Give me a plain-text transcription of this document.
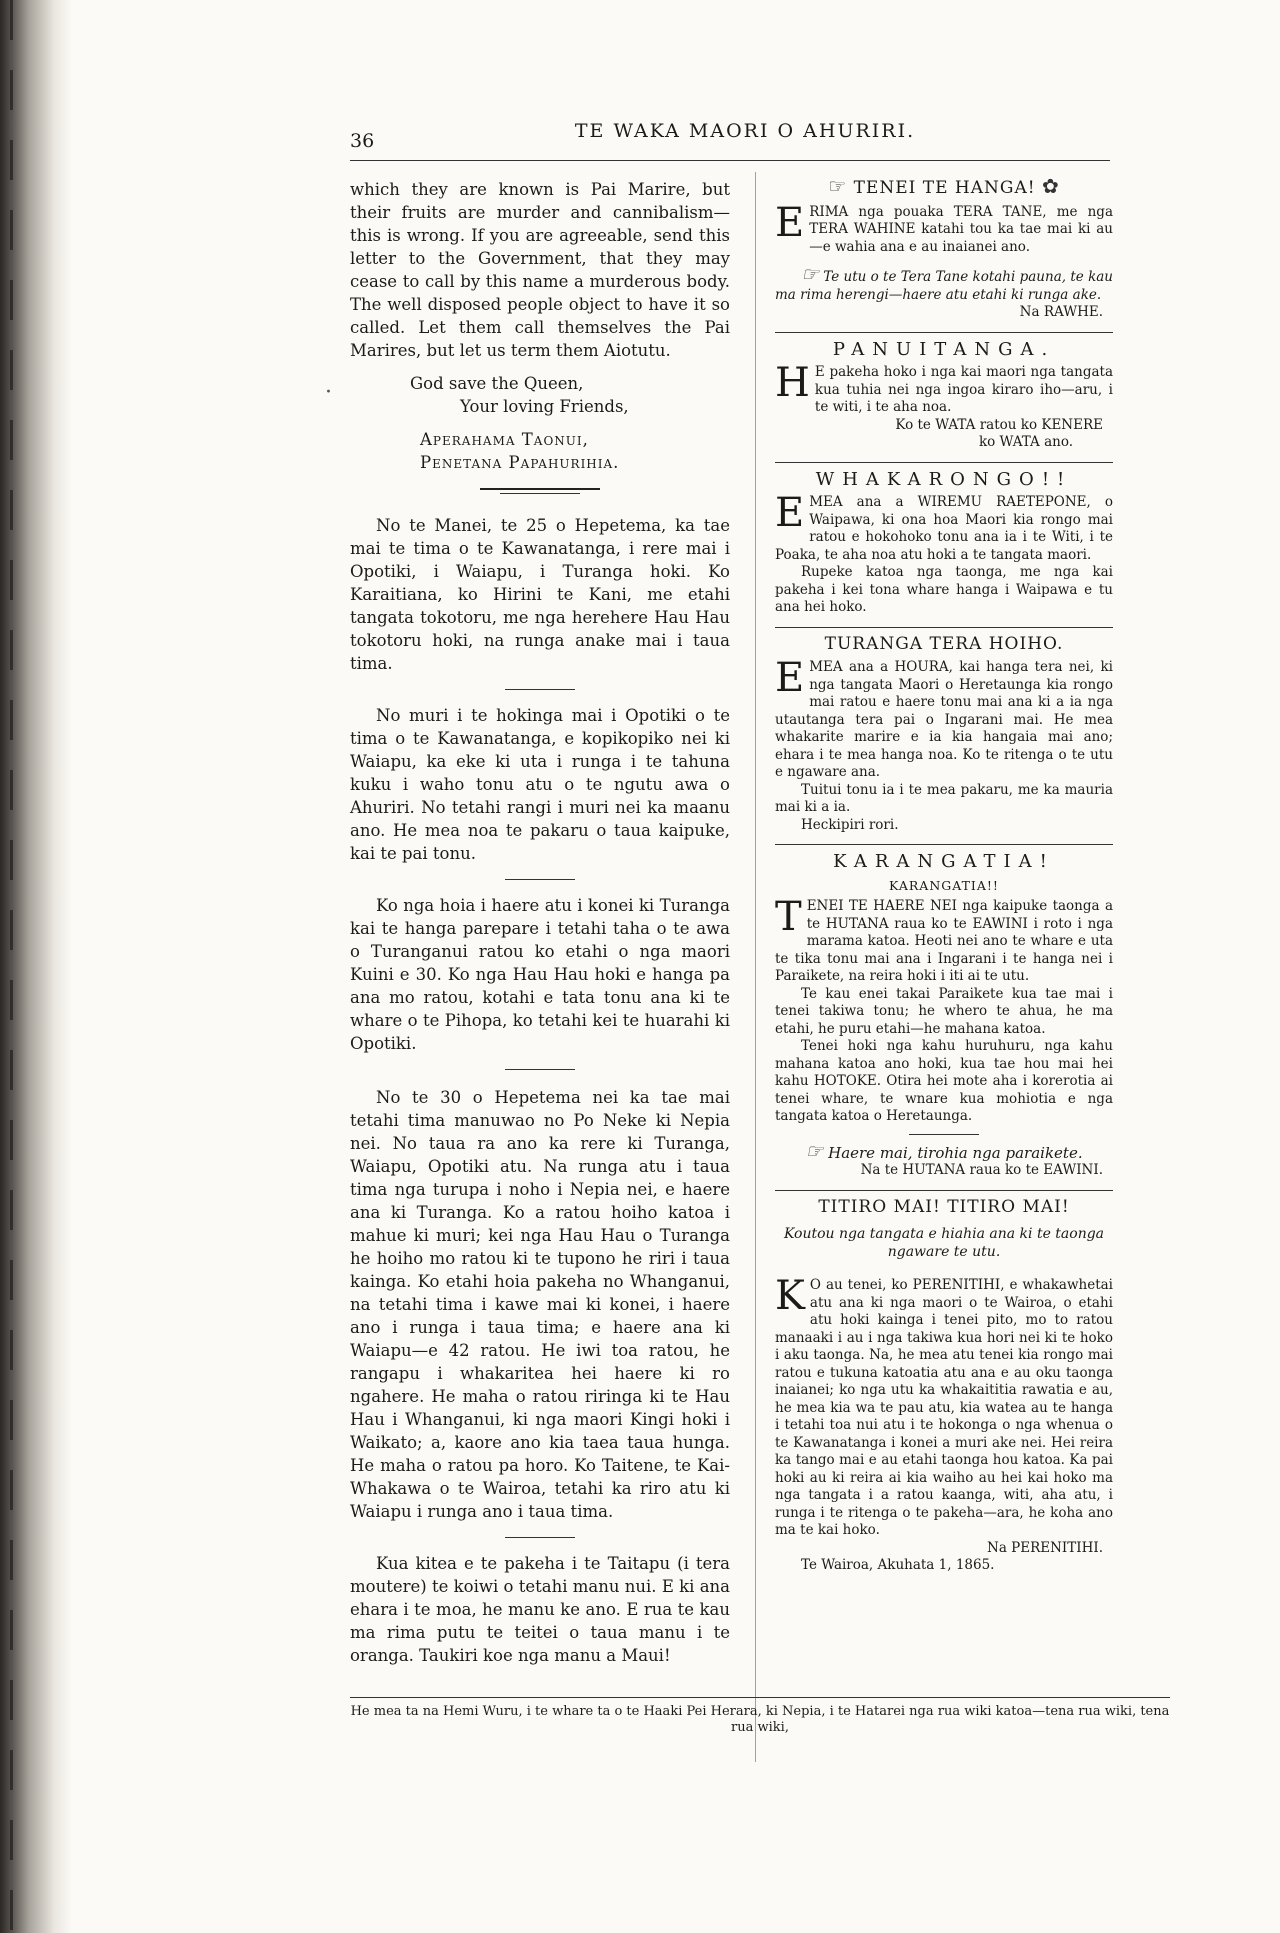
·
36	TE WAKA MAORI O AHURIRI.

which they are known is Pai Marire, but their fruits are murder and cannibalism—this is wrong. If you are agreeable, send this letter to the Government, that they may cease to call by this name a murderous body. The well disposed people object to have it so called. Let them call themselves the Pai Marires, but let us term them Aiotutu.

God save the Queen,

Your loving Friends,

Aperahama Taonui,

Penetana Papahurihia.

No te Manei, te 25 o Hepetema, ka tae mai te tima o te Kawanatanga, i rere mai i Opotiki, i Waiapu, i Turanga hoki. Ko Karaitiana, ko Hirini te Kani, me etahi tangata tokotoru, me nga herehere Hau Hau tokotoru hoki, na runga anake mai i taua tima.

No muri i te hokinga mai i Opotiki o te tima o te Kawanatanga, e kopikopiko nei ki Waiapu, ka eke ki uta i runga i te tahuna kuku i waho tonu atu o te ngutu awa o Ahuriri. No tetahi rangi i muri nei ka maanu ano. He mea noa te pakaru o taua kaipuke, kai te pai tonu.

Ko nga hoia i haere atu i konei ki Turanga kai te hanga parepare i tetahi taha o te awa o Turanganui ratou ko etahi o nga maori Kuini e 30. Ko nga Hau Hau hoki e hanga pa ana mo ratou, kotahi e tata tonu ana ki te whare o te Pihopa, ko tetahi kei te huarahi ki Opotiki.

No te 30 o Hepetema nei ka tae mai tetahi tima manuwao no Po Neke ki Nepia nei. No taua ra ano ka rere ki Turanga, Waiapu, Opotiki atu. Na runga atu i taua tima nga turupa i noho i Nepia nei, e haere ana ki Turanga. Ko a ratou hoiho katoa i mahue ki muri; kei nga Hau Hau o Turanga he hoiho mo ratou ki te tupono he riri i taua kainga. Ko etahi hoia pakeha no Whanganui, na tetahi tima i kawe mai ki konei, i haere ano i runga i taua tima; e haere ana ki Waiapu—e 42 ratou. He iwi toa ratou, he rangapu i whakaritea hei haere ki ro ngahere. He maha o ratou riringa ki te Hau Hau i Whanganui, ki nga maori Kingi hoki i Waikato; a, kaore ano kia taea taua hunga. He maha o ratou pa horo. Ko Taitene, te Kai-Whakawa o te Wairoa, tetahi ka riro atu ki Waiapu i runga ano i taua tima.

Kua kitea e te pakeha i te Taitapu (i tera moutere) te koiwi o tetahi manu nui. E ki ana ehara i te moa, he manu ke ano. E rua te kau ma rima putu te teitei o taua manu i te oranga. Taukiri koe nga manu a Maui!

☞ TENEI TE HANGA! ✿

ERIMA nga pouaka TERA TANE, me nga TERA WAHINE katahi tou ka tae mai ki au—e wahia ana e au inaianei ano.

☞ Te utu o te Tera Tane kotahi pauna, te kau ma rima herengi—haere atu etahi ki runga ake.

Na RAWHE.

PANUITANGA.

H E pakeha hoko i nga kai maori nga tangata kua tuhia nei nga ingoa kiraro iho—aru, i te witi, i te aha noa.

Ko te WATA ratou ko KENERE

ko WATA ano.

WHAKARONGO!!

EMEA ana a WIREMU RAETEPONE, o Waipawa, ki ona hoa Maori kia rongo mai ratou e hokohoko tonu ana ia i te Witi, i te Poaka, te aha noa atu hoki a te tangata maori.

Rupeke katoa nga taonga, me nga kai pakeha i kei tona whare hanga i Waipawa e tu ana hei hoko.

TURANGA TERA HOIHO.

EMEA ana a HOURA, kai hanga tera nei, ki nga tangata Maori o Heretaunga kia rongo mai ratou e haere tonu mai ana ki a ia nga utautanga tera pai o Ingarani mai. He mea whakarite marire e ia kia hangaia mai ano; ehara i te mea hanga noa. Ko te ritenga o te utu e ngaware ana.

Tuitui tonu ia i te mea pakaru, me ka mauria mai ki a ia.

Heckipiri rori.

KARANGATIA!
KARANGATIA!!

TENEI TE HAERE NEI nga kaipuke taonga a te HUTANA raua ko te EAWINI i roto i nga marama katoa. Heoti nei ano te whare e uta te tika tonu mai ana i Ingarani i te hanga nei i Paraikete, na reira hoki i iti ai te utu.

Te kau enei takai Paraikete kua tae mai i tenei takiwa tonu; he whero te ahua, he ma etahi, he puru etahi—he mahana katoa.

Tenei hoki nga kahu huruhuru, nga kahu mahana katoa ano hoki, kua tae hou mai hei kahu HOTOKE. Otira hei mote aha i korerotia ai tenei whare, te wnare kua mohiotia e nga tangata katoa o Heretaunga.

☞ Haere mai, tirohia nga paraikete.

Na te HUTANA raua ko te EAWINI.

TITIRO MAI! TITIRO MAI!

Koutou nga tangata e hiahia ana ki te taonga ngaware te utu.

K O au tenei, ko PERENITIHI, e whakawhetai atu ana ki nga maori o te Wairoa, o etahi atu hoki kainga i tenei pito, mo to ratou manaaki i au i nga takiwa kua hori nei ki te hoko i aku taonga. Na, he mea atu tenei kia rongo mai ratou e tukuna katoatia atu ana e au oku taonga inaianei; ko nga utu ka whakaititia rawatia e au, he mea kia wa te pau atu, kia watea au te hanga i tetahi toa nui atu i te hokonga o nga whenua o te Kawanatanga i konei a muri ake nei. Hei reira ka tango mai e au etahi taonga hou katoa. Ka pai hoki au ki reira ai kia waiho au hei kai hoko ma nga tangata i a ratou kaanga, witi, aha atu, i runga i te ritenga o te pakeha—ara, he koha ano ma te kai hoko.

Na PERENITIHI.

Te Wairoa, Akuhata 1, 1865.

He mea ta na Hemi Wuru, i te whare ta o te Haaki Pei Herara, ki Nepia, i te Hatarei nga rua wiki katoa—tena rua wiki, tena rua wiki,
